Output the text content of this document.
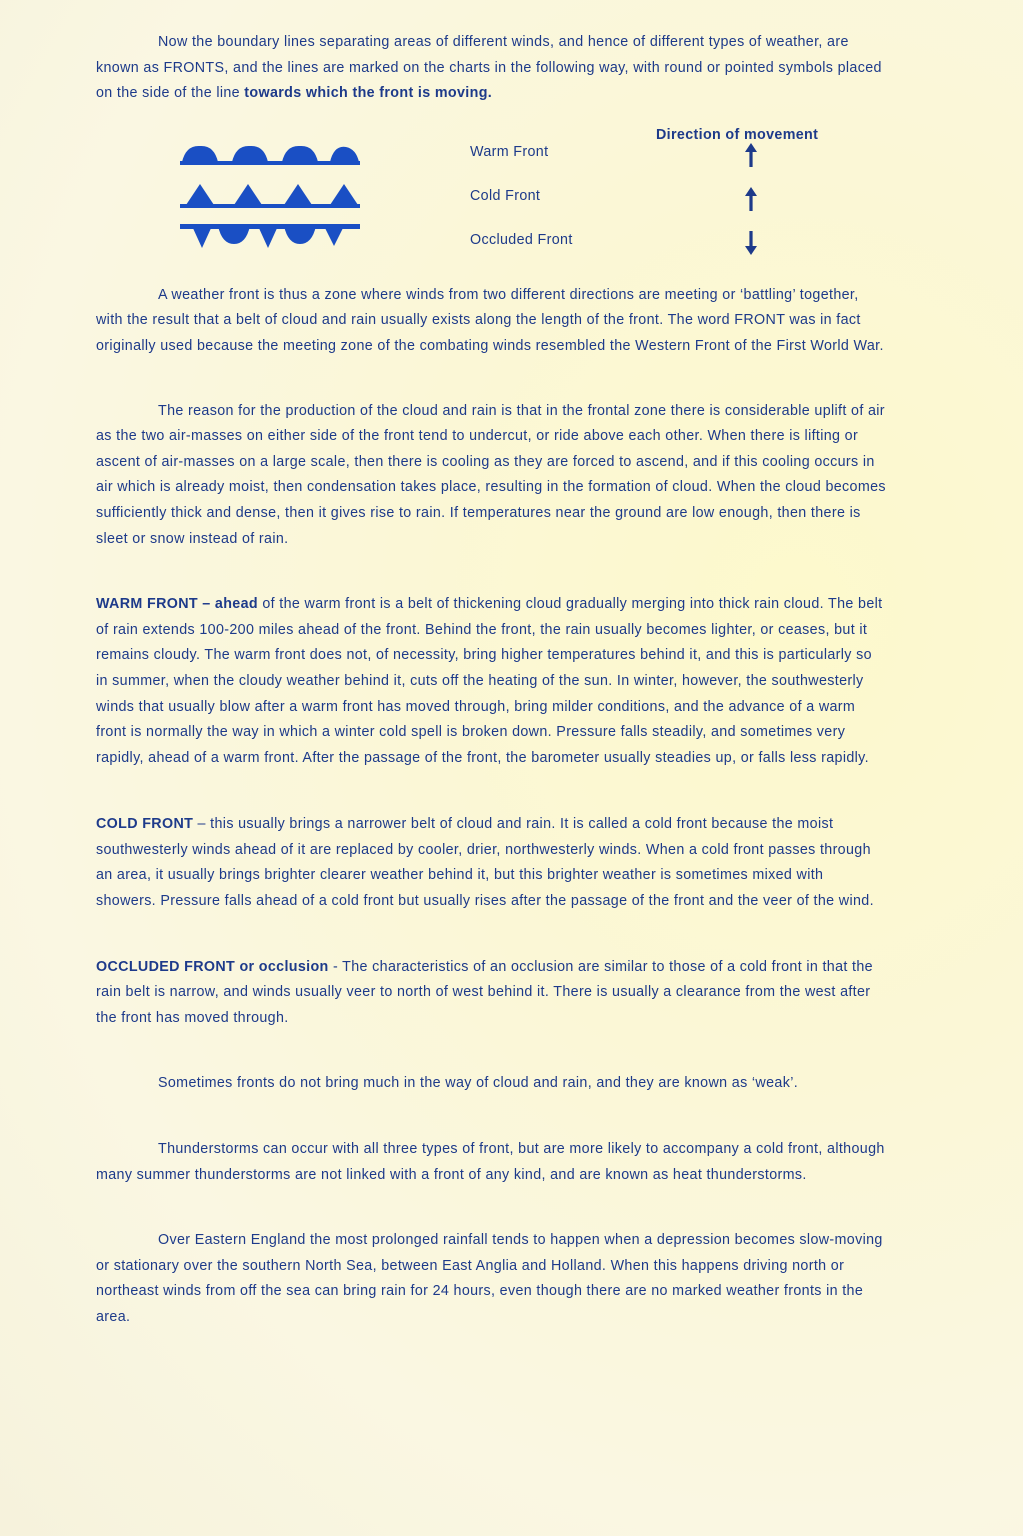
Now the boundary lines separating areas of different winds, and hence of different types of weather, are known as FRONTS, and the lines are marked on the charts in the following way, with round or pointed symbols placed on the side of the line towards which the front is moving.

Direction of movement
Warm Front
Cold Front
Occluded Front

A weather front is thus a zone where winds from two different directions are meeting or ‘battling’ together, with the result that a belt of cloud and rain usually exists along the length of the front. The word FRONT was in fact originally used because the meeting zone of the combating winds resembled the Western Front of the First World War.

The reason for the production of the cloud and rain is that in the frontal zone there is considerable uplift of air as the two air-masses on either side of the front tend to undercut, or ride above each other. When there is lifting or ascent of air-masses on a large scale, then there is cooling as they are forced to ascend, and if this cooling occurs in air which is already moist, then condensation takes place, resulting in the formation of cloud. When the cloud becomes sufficiently thick and dense, then it gives rise to rain. If temperatures near the ground are low enough, then there is sleet or snow instead of rain.

WARM FRONT – ahead of the warm front is a belt of thickening cloud gradually merging into thick rain cloud. The belt of rain extends 100-200 miles ahead of the front. Behind the front, the rain usually becomes lighter, or ceases, but it remains cloudy. The warm front does not, of necessity, bring higher temperatures behind it, and this is particularly so in summer, when the cloudy weather behind it, cuts off the heating of the sun. In winter, however, the southwesterly winds that usually blow after a warm front has moved through, bring milder conditions, and the advance of a warm front is normally the way in which a winter cold spell is broken down. Pressure falls steadily, and sometimes very rapidly, ahead of a warm front. After the passage of the front, the barometer usually steadies up, or falls less rapidly.

COLD FRONT – this usually brings a narrower belt of cloud and rain. It is called a cold front because the moist southwesterly winds ahead of it are replaced by cooler, drier, northwesterly winds. When a cold front passes through an area, it usually brings brighter clearer weather behind it, but this brighter weather is sometimes mixed with showers. Pressure falls ahead of a cold front but usually rises after the passage of the front and the veer of the wind.

OCCLUDED FRONT or occlusion - The characteristics of an occlusion are similar to those of a cold front in that the rain belt is narrow, and winds usually veer to north of west behind it. There is usually a clearance from the west after the front has moved through.

Sometimes fronts do not bring much in the way of cloud and rain, and they are known as ‘weak’.

Thunderstorms can occur with all three types of front, but are more likely to accompany a cold front, although many summer thunderstorms are not linked with a front of any kind, and are known as heat thunderstorms.

Over Eastern England the most prolonged rainfall tends to happen when a depression becomes slow-moving or stationary over the southern North Sea, between East Anglia and Holland. When this happens driving north or northeast winds from off the sea can bring rain for 24 hours, even though there are no marked weather fronts in the area.
